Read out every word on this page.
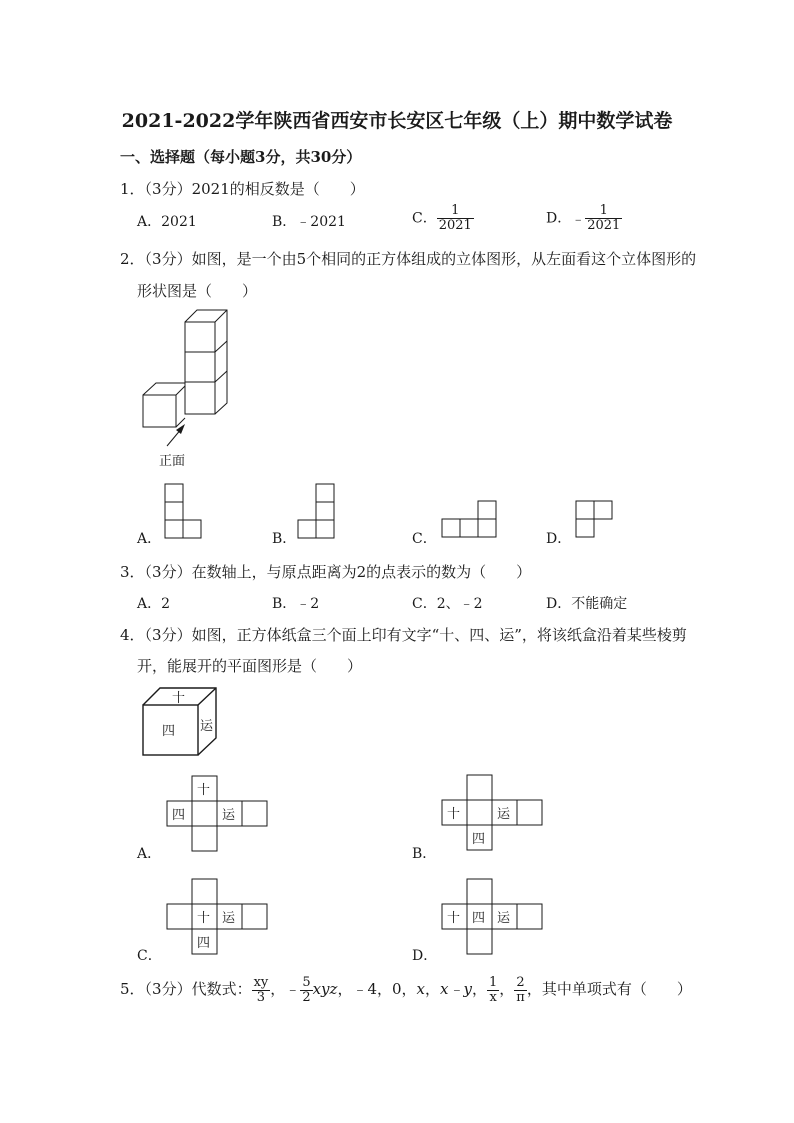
2021-2022学年陕西省西安市长安区七年级（上）期中数学试卷
一、选择题（每小题3分，共30分）
1．（3分）2021的相反数是（　　）
A．2021	B．﹣2021	C． $\frac{1}{2021}$	D．﹣ $\frac{1}{2021}$
2．（3分）如图，是一个由5个相同的正方体组成的立体图形，从左面看这个立体图形的
形状图是（　　）
正面
A．	B．	C．	D．
3．（3分）在数轴上，与原点距离为2的点表示的数为（　　）
A．2	B．﹣2	C．2、﹣2	D．不能确定
4．（3分）如图，正方体纸盒三个面上印有文字“十、四、运”，将该纸盒沿着某些棱剪
开，能展开的平面图形是（　　）
十
四 运
十
四	运	十	运
四
十 运
四
十 四 运
A．	B．
C．	D．
5．（3分）代数式： $\frac{xy}{3}$ ，﹣ $\frac{5}{2}$ xyz，﹣4，0，x，x﹣y， $\frac{1}{x}$ ， $\frac{2}{\pi}$ ，其中单项式有（　　）
